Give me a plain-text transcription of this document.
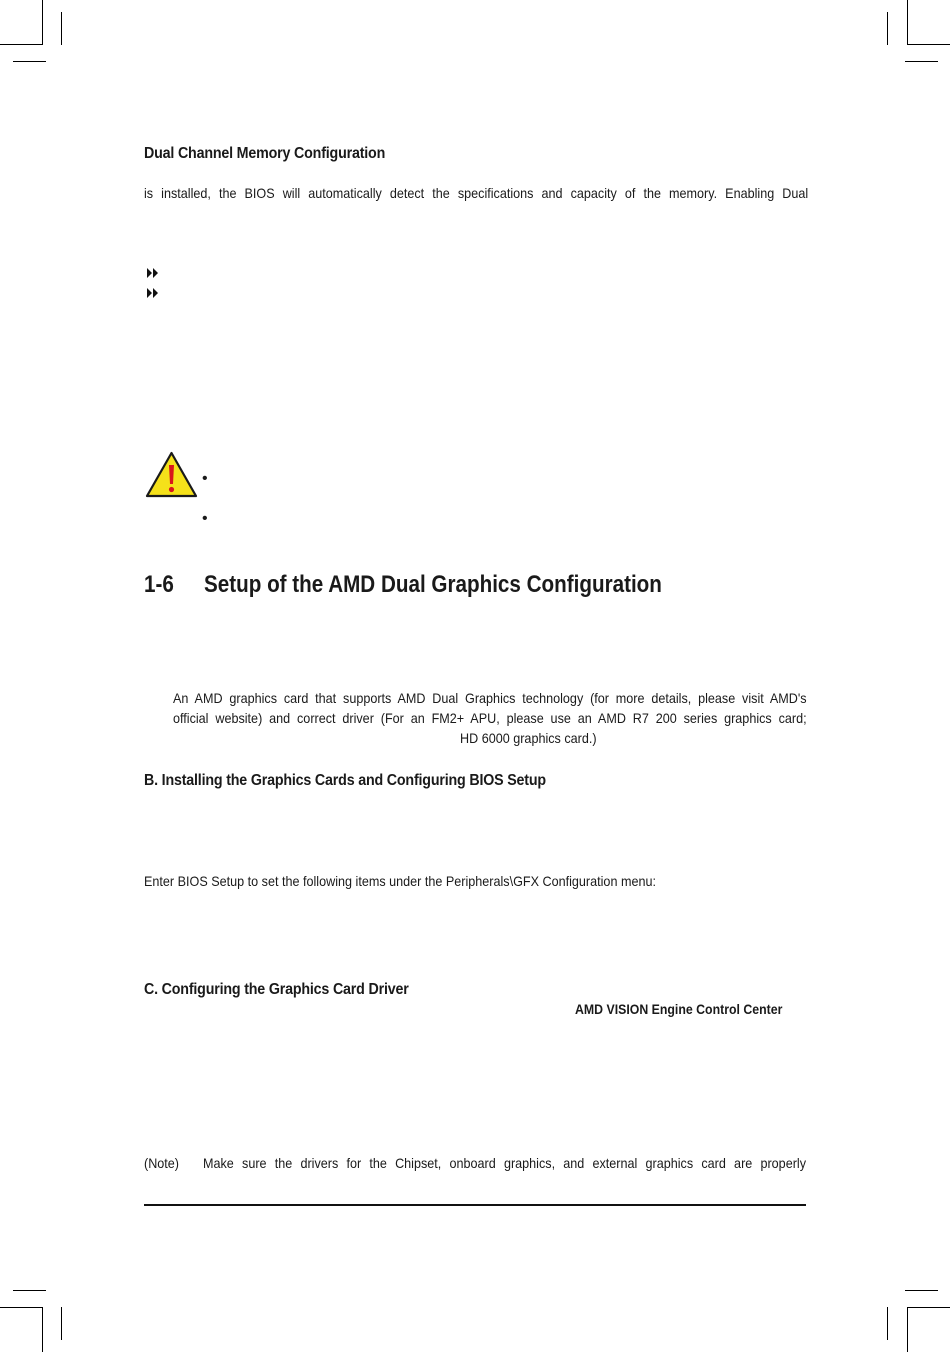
Dual Channel Memory Configuration
is installed, the BIOS will automatically detect the specifications and capacity of the memory. Enabling Dual
•
•
1-6 Setup of the AMD Dual Graphics Configuration
An AMD graphics card that supports AMD Dual Graphics technology (for more details, please visit AMD's
official website) and correct driver (For an FM2+ APU, please use an AMD R7 200 series graphics card;
HD 6000 graphics card.)
B. Installing the Graphics Cards and Configuring BIOS Setup
Enter BIOS Setup to set the following items under the Peripherals\GFX Configuration menu:
C. Configuring the Graphics Card Driver
AMD VISION Engine Control Center
(Note) Make sure the drivers for the Chipset, onboard graphics, and external graphics card are properly
